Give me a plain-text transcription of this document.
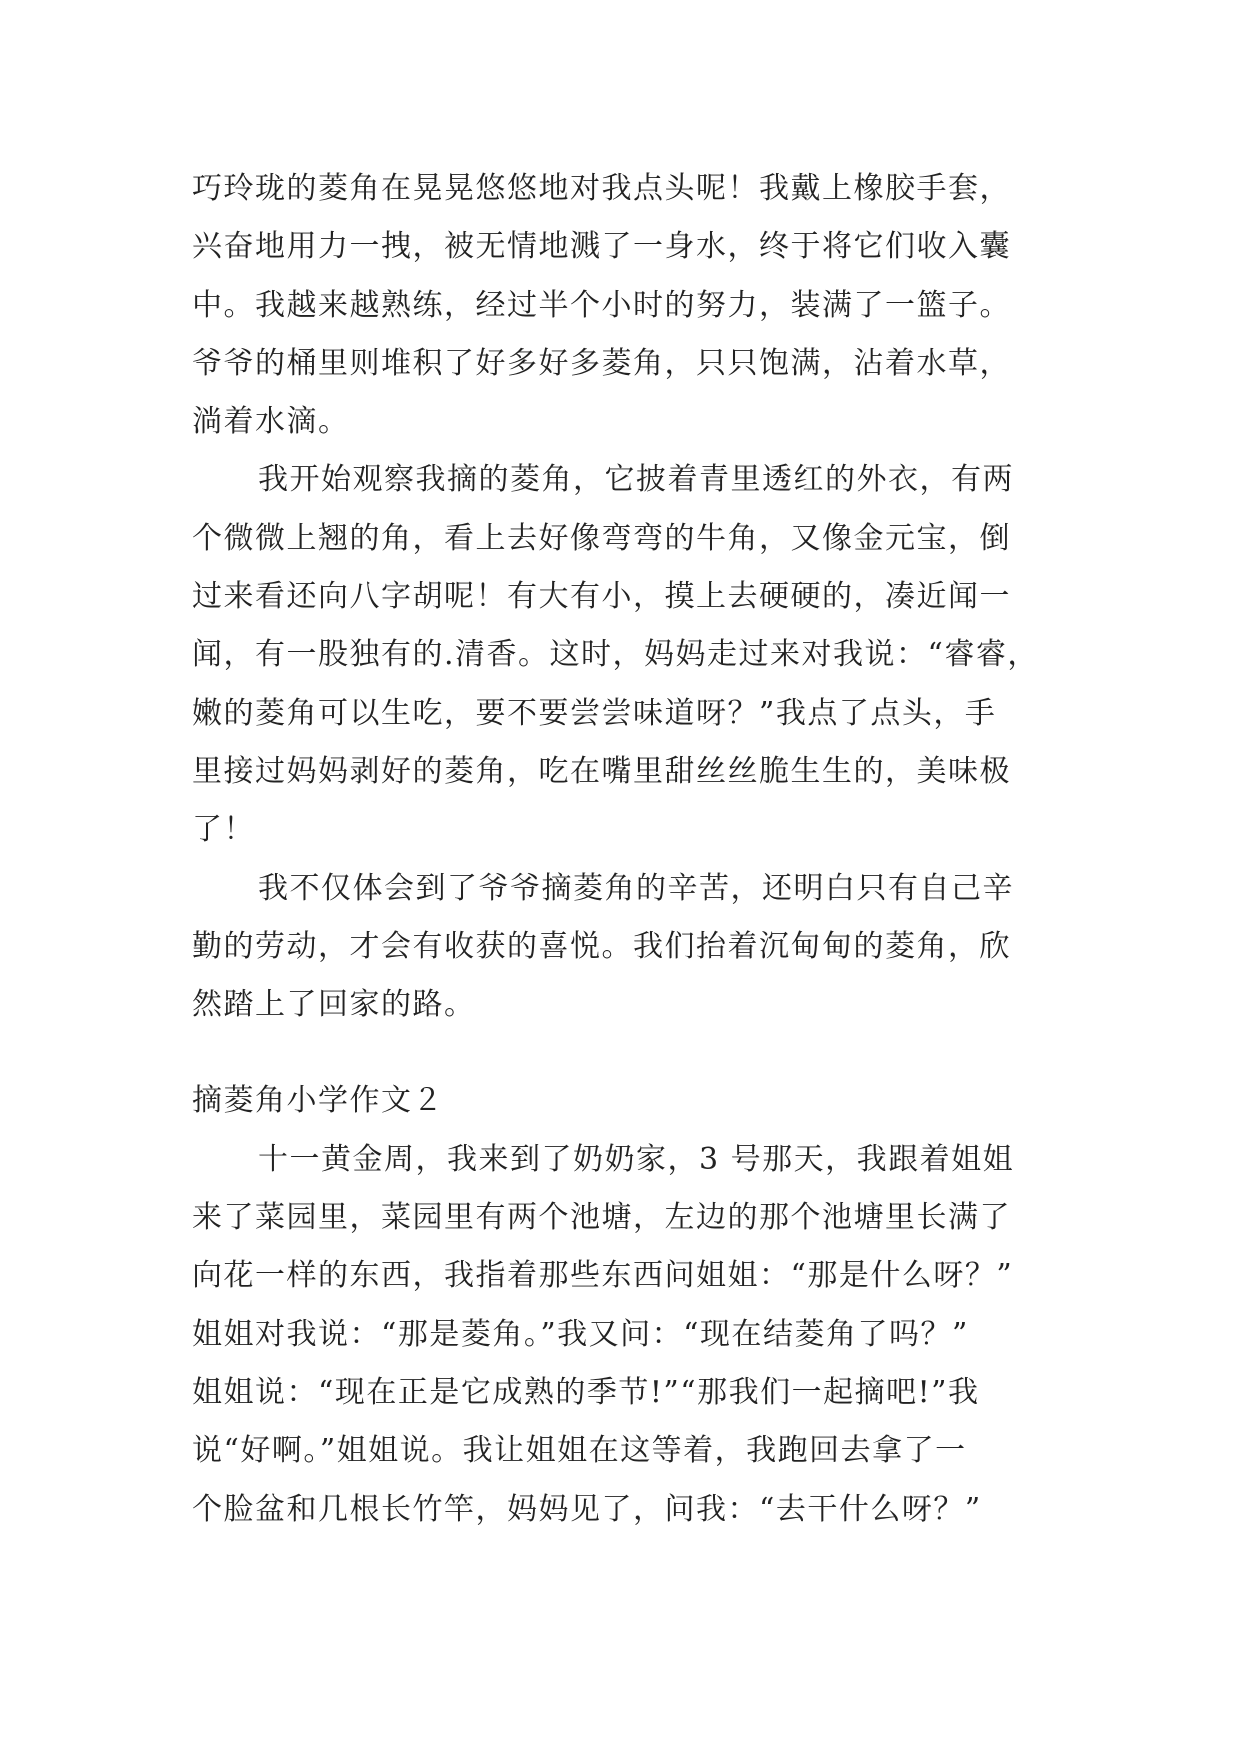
巧玲珑的菱角在晃晃悠悠地对我点头呢！我戴上橡胶手套，
兴奋地用力一拽，被无情地溅了一身水，终于将它们收入囊
中。我越来越熟练，经过半个小时的努力，装满了一篮子。
爷爷的桶里则堆积了好多好多菱角，只只饱满，沾着水草，
淌着水滴。
我开始观察我摘的菱角，它披着青里透红的外衣，有两
个微微上翘的角，看上去好像弯弯的牛角，又像金元宝，倒
过来看还向八字胡呢！有大有小，摸上去硬硬的，凑近闻一
闻，有一股独有的.清香。这时，妈妈走过来对我说：“睿睿，
嫩的菱角可以生吃，要不要尝尝味道呀？”我点了点头，手
里接过妈妈剥好的菱角，吃在嘴里甜丝丝脆生生的，美味极
了！
我不仅体会到了爷爷摘菱角的辛苦，还明白只有自己辛
勤的劳动，才会有收获的喜悦。我们抬着沉甸甸的菱角，欣
然踏上了回家的路。
摘菱角小学作文２
十一黄金周，我来到了奶奶家，3 号那天，我跟着姐姐
来了菜园里，菜园里有两个池塘，左边的那个池塘里长满了
向花一样的东西，我指着那些东西问姐姐：“那是什么呀？”
姐姐对我说：“那是菱角。”我又问：“现在结菱角了吗？”
姐姐说：“现在正是它成熟的季节!”“那我们一起摘吧!”我
说“好啊。”姐姐说。我让姐姐在这等着，我跑回去拿了一
个脸盆和几根长竹竿，妈妈见了，问我：“去干什么呀？”
